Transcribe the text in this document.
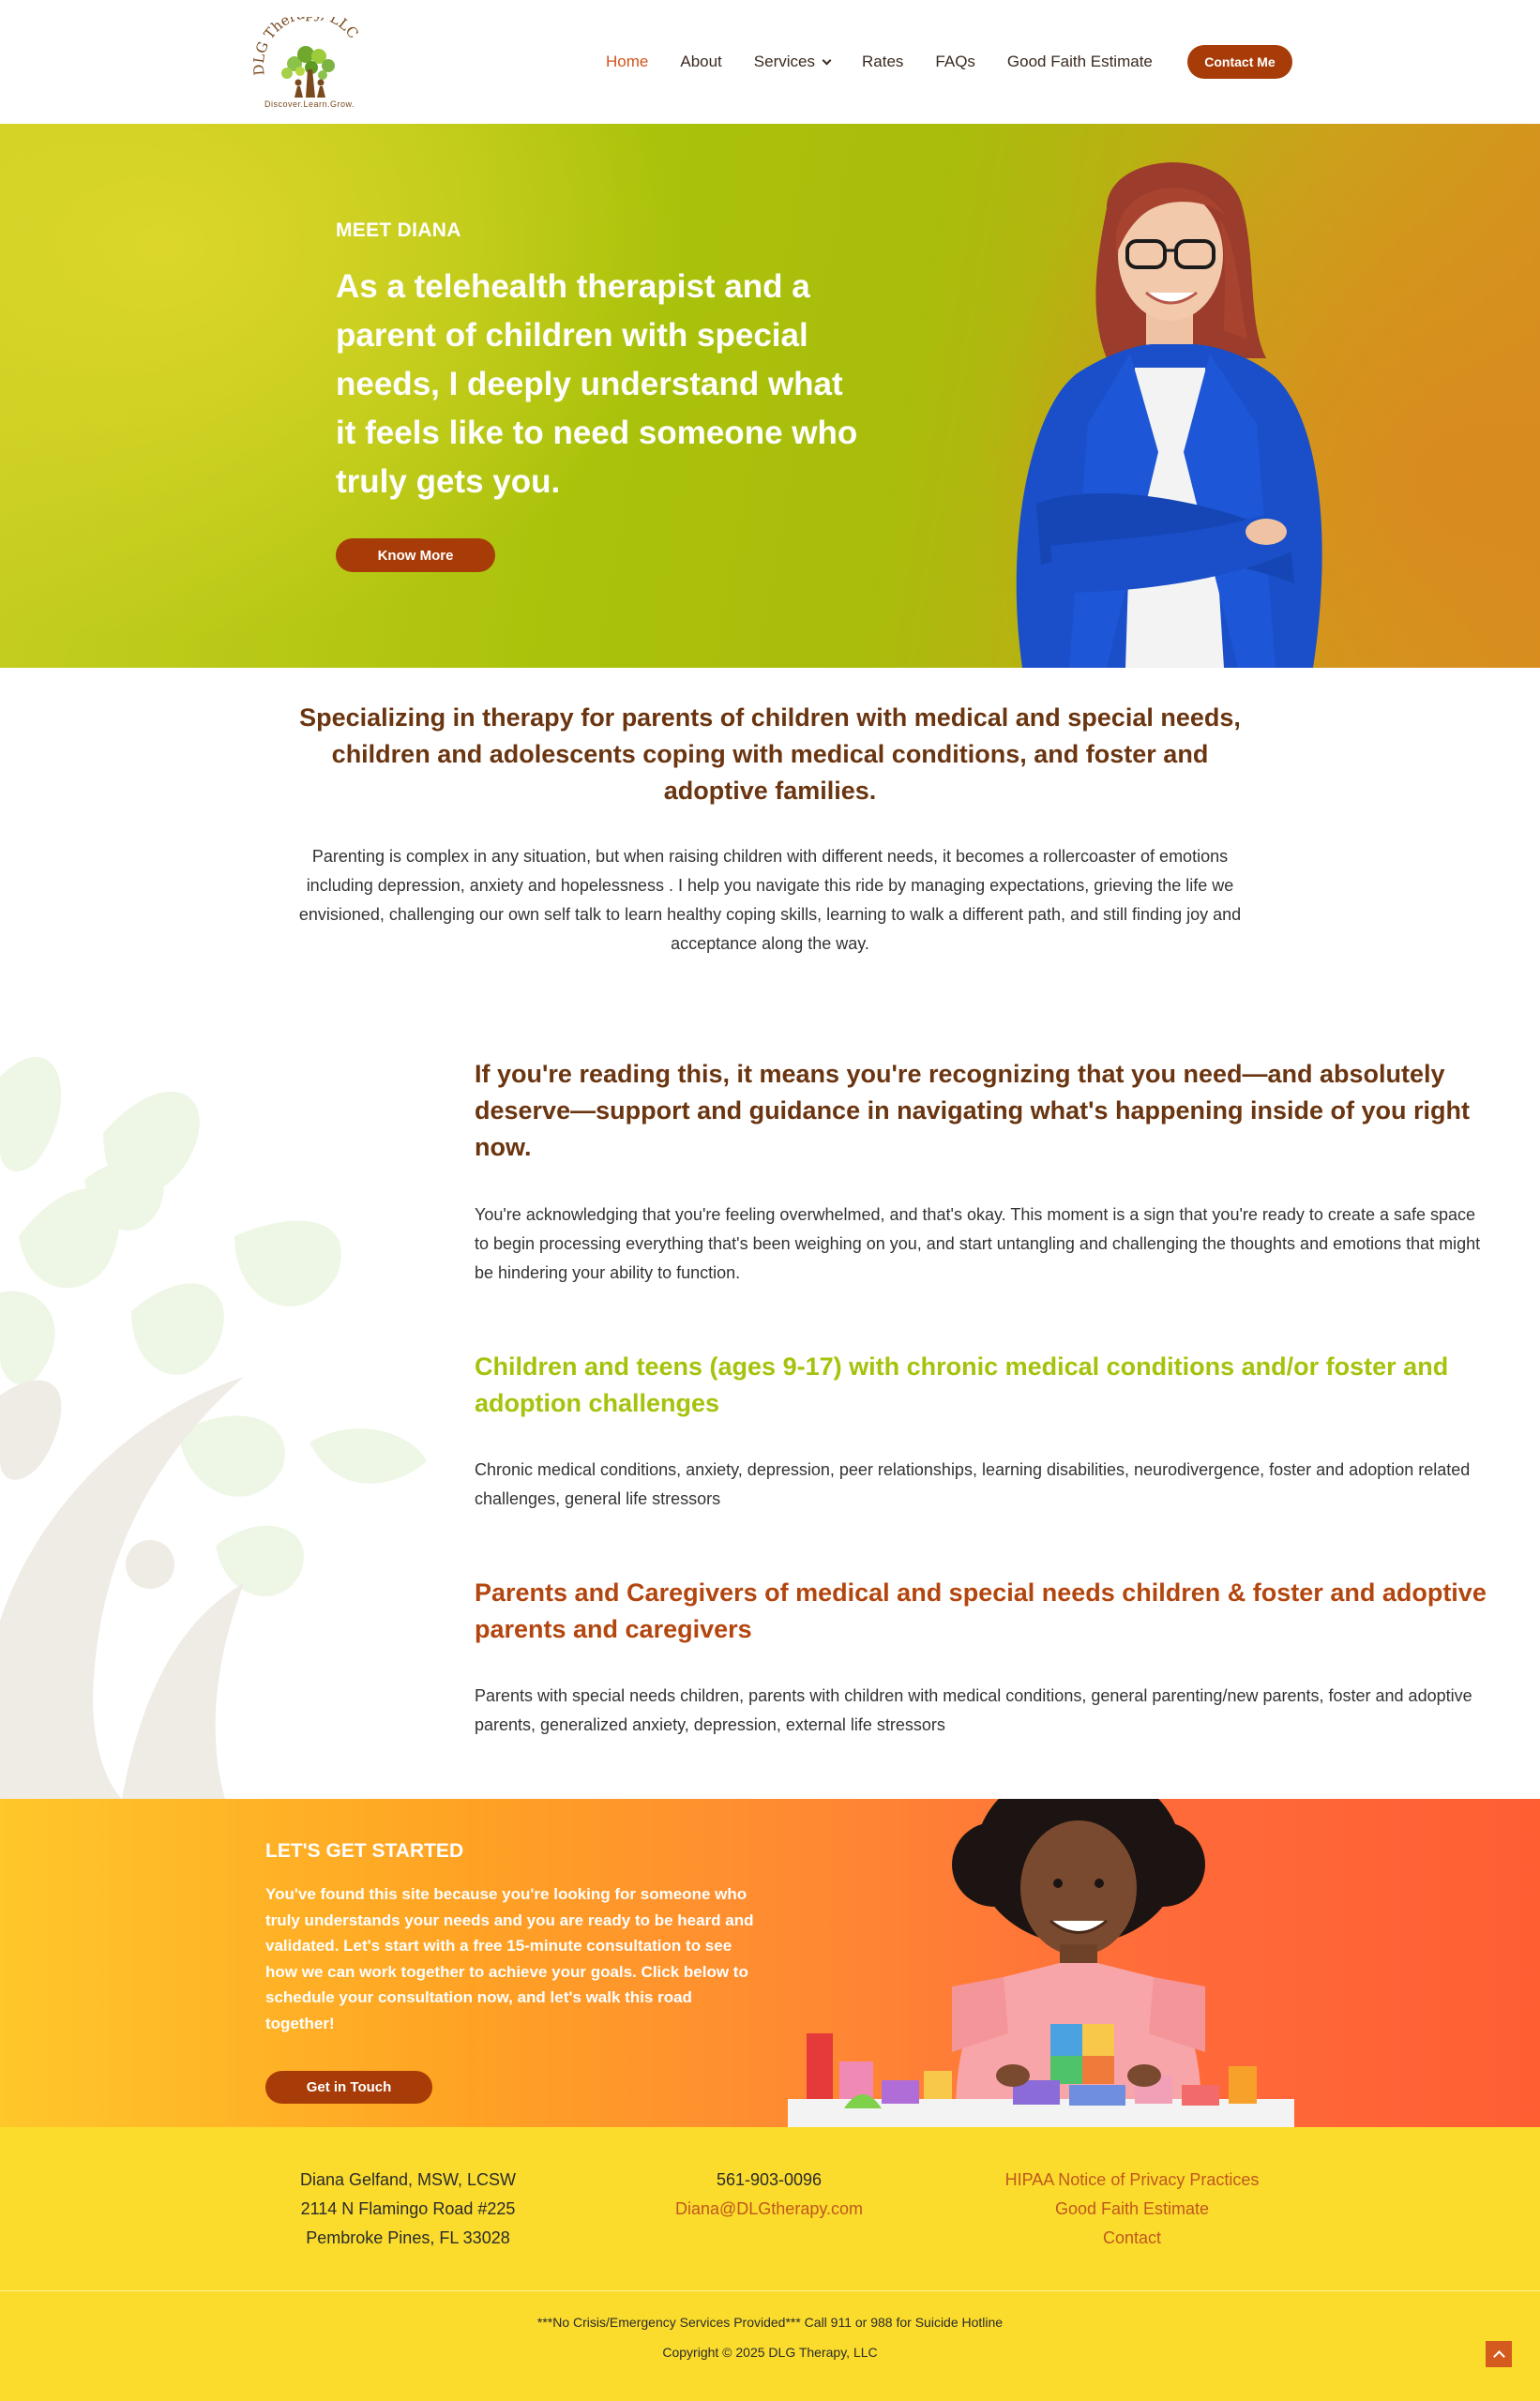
DLG The LLC
Discover.Learn.Grow.
Home About Services	Rates FAQs Good Faith Estimate	Contact Me
MEET DIANA
As a telehealth therapist and a parent of children with special needs, I deeply understand what it feels like to need someone who truly gets you.
Know More
Specializing in therapy for parents of children with medical and special needs, children and adolescents coping with medical conditions, and foster and adoptive families.

Parenting is complex in any situation, but when raising children with different needs, it becomes a rollercoaster of emotions including depression, anxiety and hopelessness . I help you navigate this ride by managing expectations, grieving the life we envisioned, challenging our own self talk to learn healthy coping skills, learning to walk a different path, and still finding joy and acceptance along the way.

If you're reading this, it means you're recognizing that you need—and absolutely deserve—support and guidance in navigating what's happening inside of you right now.

You're acknowledging that you're feeling overwhelmed, and that's okay. This moment is a sign that you're ready to create a safe space to begin processing everything that's been weighing on you, and start untangling and challenging the thoughts and emotions that might be hindering your ability to function.

Children and teens (ages 9-17) with chronic medical conditions and/or foster and adoption challenges

Chronic medical conditions, anxiety, depression, peer relationships, learning disabilities, neurodivergence, foster and adoption related challenges, general life stressors

Parents and Caregivers of medical and special needs children & foster and adoptive parents and caregivers

Parents with special needs children, parents with children with medical conditions, general parenting/new parents, foster and adoptive parents, generalized anxiety, depression, external life stressors

LET'S GET STARTED

You've found this site because you're looking for someone who truly understands your needs and you are ready to be heard and validated. Let's start with a free 15-minute consultation to see how we can work together to achieve your goals. Click below to schedule your consultation now, and let's walk this road together!

Get in Touch
Diana Gelfand, MSW, LCSW
2114 N Flamingo Road #225
Pembroke Pines, FL 33028
561-903-0096
Diana@DLGtherapy.com
HIPAA Notice of Privacy Practices
Good Faith Estimate
Contact
***No Crisis/Emergency Services Provided*** Call 911 or 988 for Suicide Hotline
Copyright © 2025 DLG Therapy, LLC
